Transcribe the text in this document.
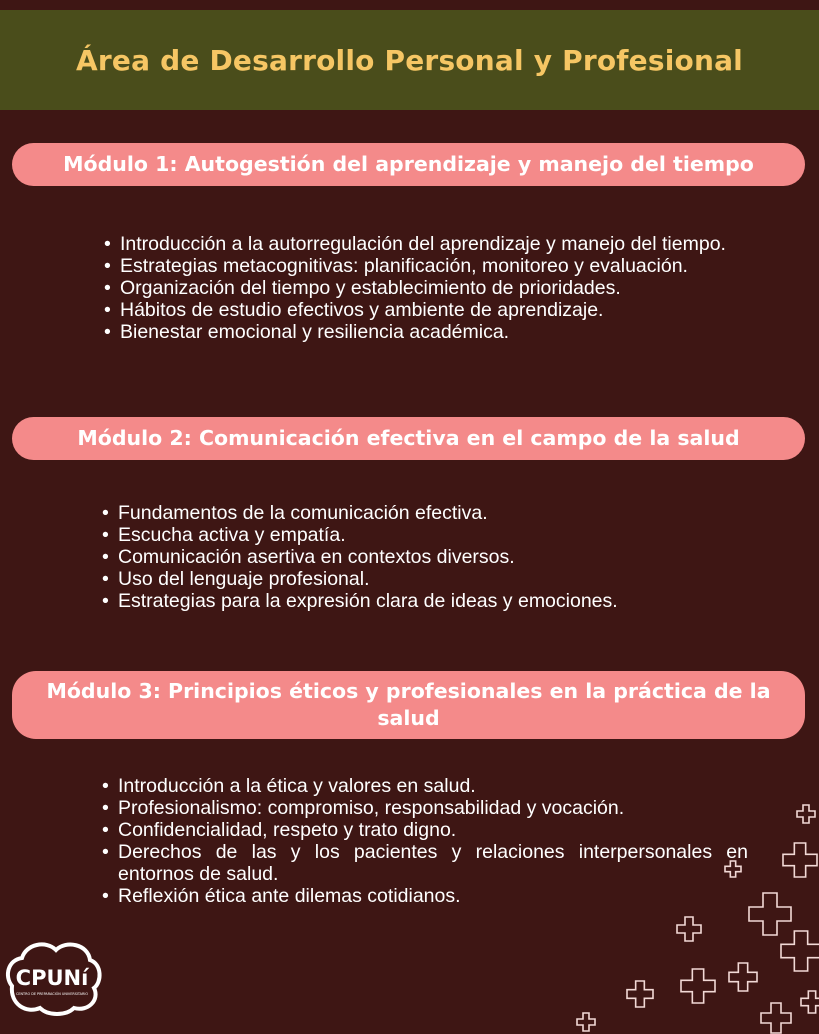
Área de Desarrollo Personal y Profesional
Módulo 1: Autogestión del aprendizaje y manejo del tiempo
• Introducción a la autorregulación del aprendizaje y manejo del tiempo.
• Estrategias metacognitivas: planificación, monitoreo y evaluación.
• Organización del tiempo y establecimiento de prioridades.
• Hábitos de estudio efectivos y ambiente de aprendizaje.
• Bienestar emocional y resiliencia académica.
Módulo 2: Comunicación efectiva en el campo de la salud
• Fundamentos de la comunicación efectiva.
• Escucha activa y empatía.
• Comunicación asertiva en contextos diversos.
• Uso del lenguaje profesional.
• Estrategias para la expresión clara de ideas y emociones.
Módulo 3: Principios éticos y profesionales en la práctica de la salud
• Introducción a la ética y valores en salud.
• Profesionalismo: compromiso, responsabilidad y vocación.
• Confidencialidad, respeto y trato digno.
• Derechos de las y los pacientes y relaciones interpersonales en entornos de salud.
• Reflexión ética ante dilemas cotidianos.
CPUNí
CENTRO DE PREPARACIÓN UNIVERSITARIO
